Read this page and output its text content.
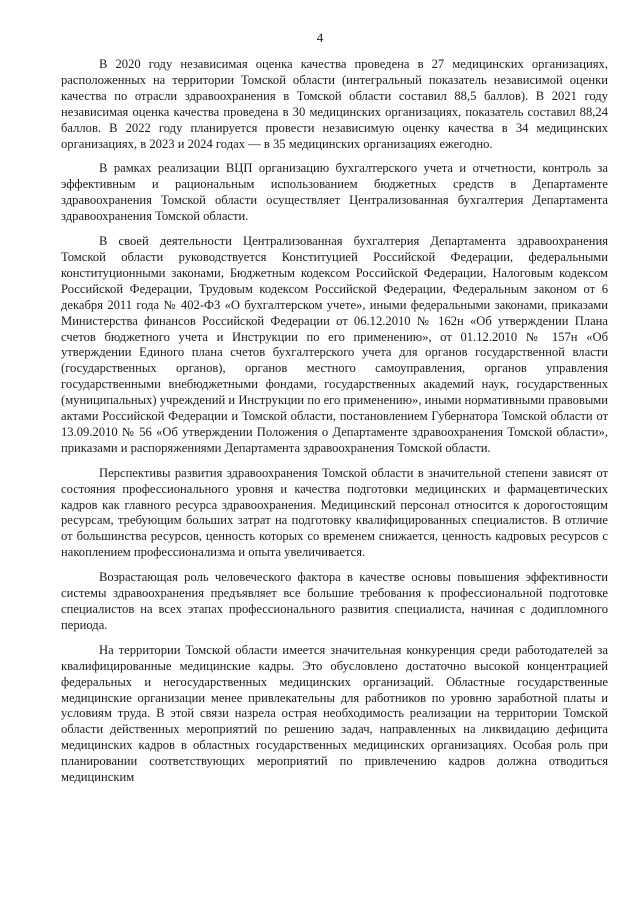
4

В 2020 году независимая оценка качества проведена в 27 медицинских организациях, расположенных на территории Томской области (интегральный показатель независимой оценки качества по отрасли здравоохранения в Томской области составил 88,5 баллов). В 2021 году независимая оценка качества проведена в 30 медицинских организациях, показатель составил 88,24 баллов. В 2022 году планируется провести независимую оценку качества в 34 медицинских организациях, в 2023 и 2024 годах — в 35 медицинских организациях ежегодно.

В рамках реализации ВЦП организацию бухгалтерского учета и отчетности, контроль за эффективным и рациональным использованием бюджетных средств в Департаменте здравоохранения Томской области осуществляет Централизованная бухгалтерия Департамента здравоохранения Томской области.

В своей деятельности Централизованная бухгалтерия Департамента здравоохранения Томской области руководствуется Конституцией Российской Федерации, федеральными конституционными законами, Бюджетным кодексом Российской Федерации, Налоговым кодексом Российской Федерации, Трудовым кодексом Российской Федерации, Федеральным законом от 6 декабря 2011 года № 402-ФЗ «О бухгалтерском учете», иными федеральными законами, приказами Министерства финансов Российской Федерации от 06.12.2010 № 162н «Об утверждении Плана счетов бюджетного учета и Инструкции по его применению», от 01.12.2010 № 157н «Об утверждении Единого плана счетов бухгалтерского учета для органов государственной власти (государственных органов), органов местного самоуправления, органов управления государственными внебюджетными фондами, государственных академий наук, государственных (муниципальных) учреждений и Инструкции по его применению», иными нормативными правовыми актами Российской Федерации и Томской области, постановлением Губернатора Томской области от 13.09.2010 № 56 «Об утверждении Положения о Департаменте здравоохранения Томской области», приказами и распоряжениями Департамента здравоохранения Томской области.

Перспективы развития здравоохранения Томской области в значительной степени зависят от состояния профессионального уровня и качества подготовки медицинских и фармацевтических кадров как главного ресурса здравоохранения. Медицинский персонал относится к дорогостоящим ресурсам, требующим больших затрат на подготовку квалифицированных специалистов. В отличие от большинства ресурсов, ценность которых со временем снижается, ценность кадровых ресурсов с накоплением профессионализма и опыта увеличивается.

Возрастающая роль человеческого фактора в качестве основы повышения эффективности системы здравоохранения предъявляет все большие требования к профессиональной подготовке специалистов на всех этапах профессионального развития специалиста, начиная с додипломного периода.

На территории Томской области имеется значительная конкуренция среди работодателей за квалифицированные медицинские кадры. Это обусловлено достаточно высокой концентрацией федеральных и негосударственных медицинских организаций. Областные государственные медицинские организации менее привлекательны для работников по уровню заработной платы и условиям труда. В этой связи назрела острая необходимость реализации на территории Томской области действенных мероприятий по решению задач, направленных на ликвидацию дефицита медицинских кадров в областных государственных медицинских организациях. Особая роль при планировании соответствующих мероприятий по привлечению кадров должна отводиться медицинским
